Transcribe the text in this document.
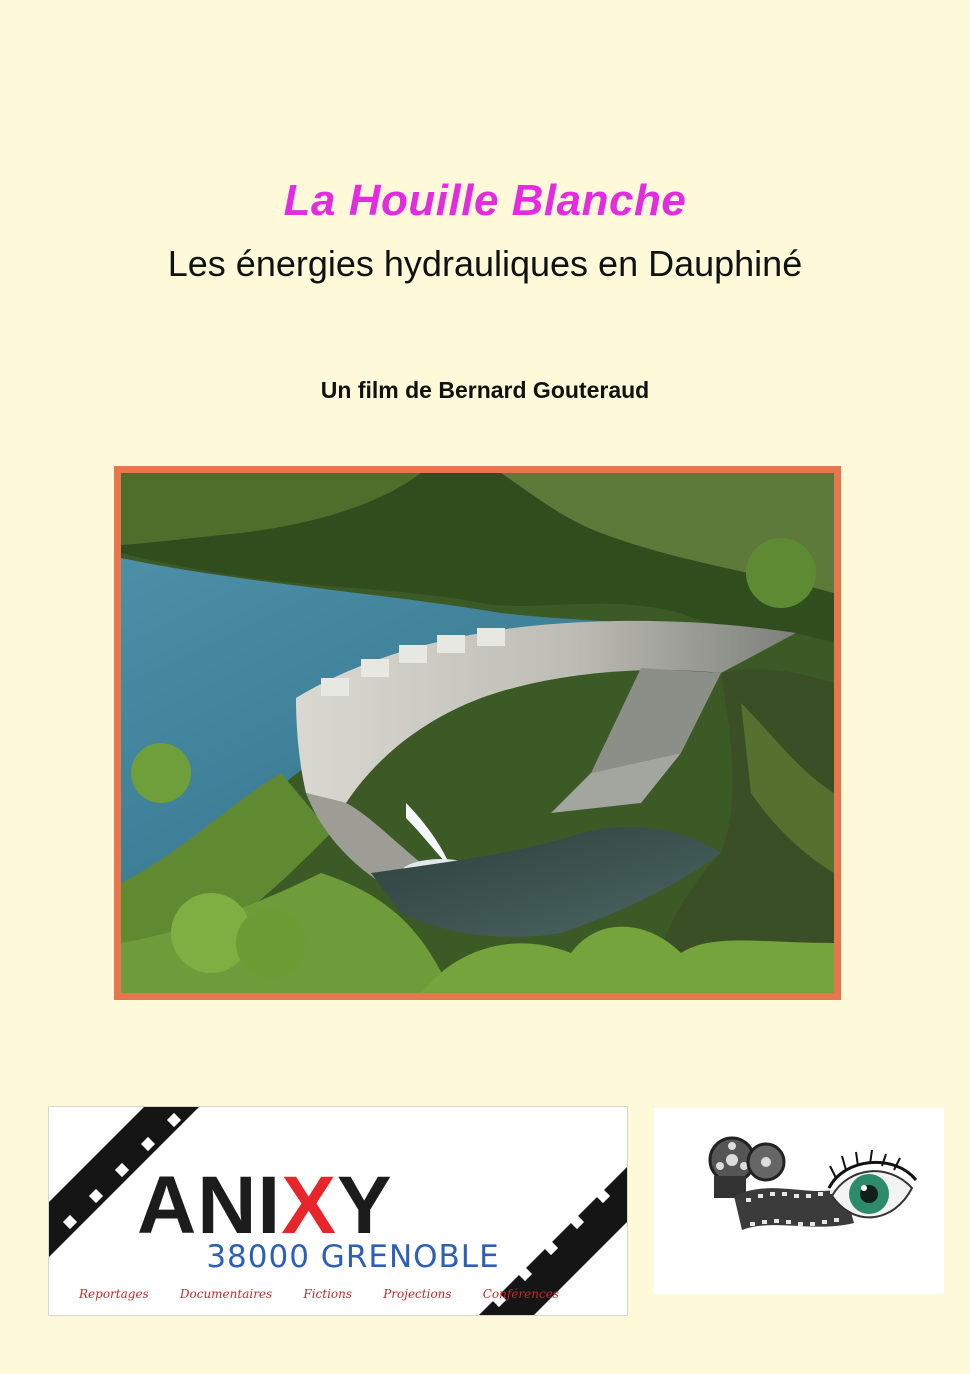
La Houille Blanche
Les énergies hydrauliques en Dauphiné
Un film de Bernard Gouteraud
ANIXY
38000 GRENOBLE
Reportages	Documentaires	Fictions	Projections	Conférences
